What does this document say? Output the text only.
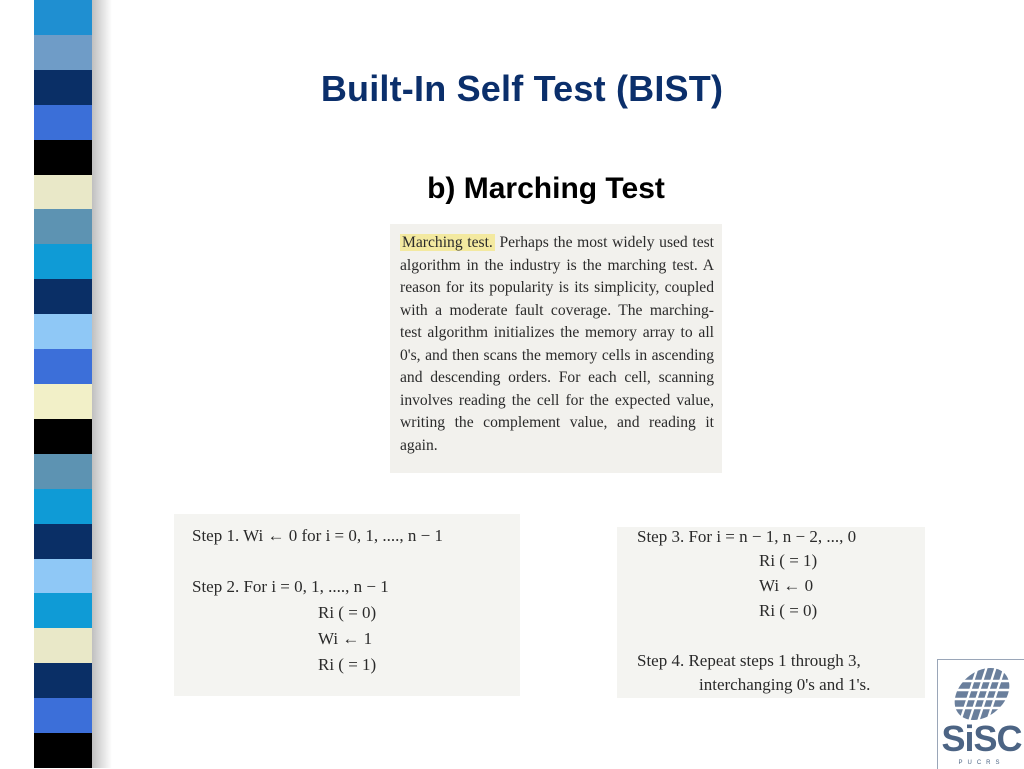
Built-In Self Test (BIST)
b) Marching Test
Marching test. Perhaps the most widely used test algorithm in the industry is the marching test. A reason for its popularity is its simplicity, coupled with a moderate fault coverage. The marching-test algorithm initializes the memory array to all 0's, and then scans the memory cells in ascending and descending orders. For each cell, scanning involves reading the cell for the expected value, writing the complement value, and reading it again.
Step 1. Wi ← 0 for i = 0, 1, ...., n − 1
Step 2. For i = 0, 1, ...., n − 1
Ri ( = 0)
Wi ← 1
Ri ( = 1)
Step 3. For i = n − 1, n − 2, ..., 0
Ri ( = 1)
Wi ← 0
Ri ( = 0)
Step 4. Repeat steps 1 through 3,
interchanging 0's and 1's.
SiSC
PUCRS
